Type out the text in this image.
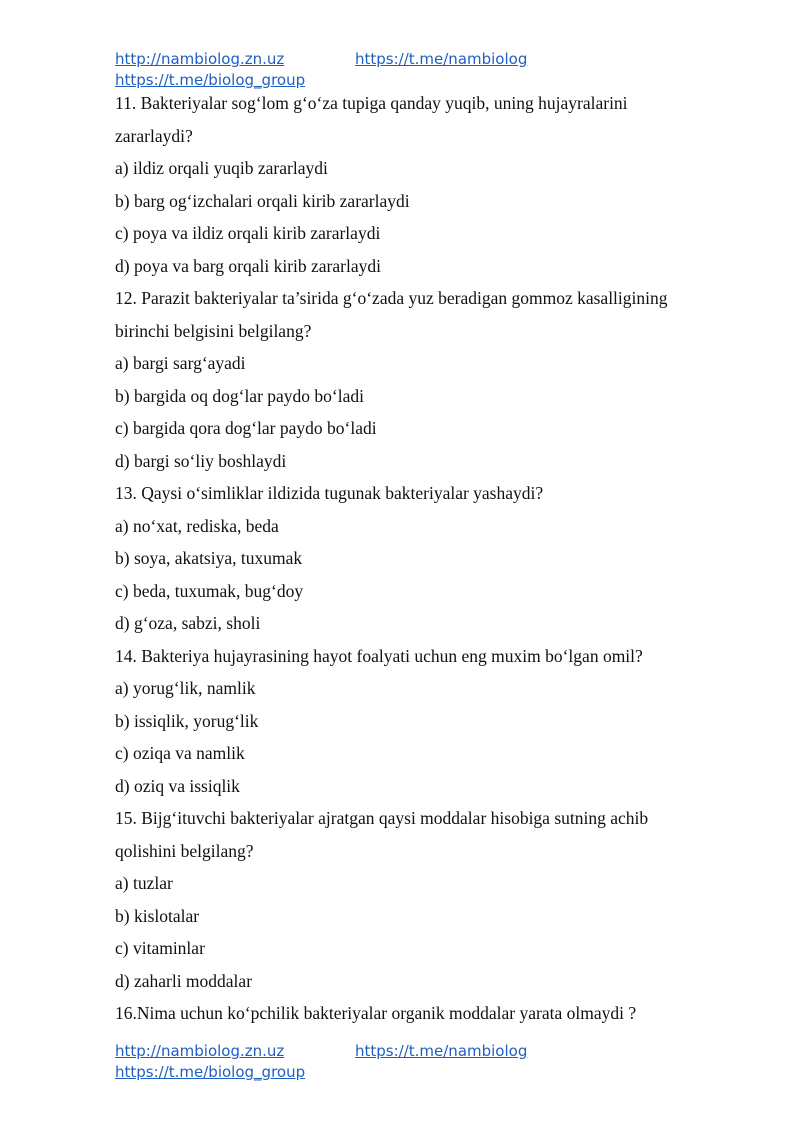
http://nambiolog.zn.uz	https://t.me/nambiolog
https://t.me/biolog_group
11. Bakteriyalar sog‘lom g‘o‘za tupiga qanday yuqib, uning hujayralarini
zararlaydi?
a) ildiz orqali yuqib zararlaydi
b) barg og‘izchalari orqali kirib zararlaydi
c) poya va ildiz orqali kirib zararlaydi
d) poya va barg orqali kirib zararlaydi
12. Parazit bakteriyalar ta’sirida g‘o‘zada yuz beradigan gommoz kasalligining
birinchi belgisini belgilang?
a) bargi sarg‘ayadi
b) bargida oq dog‘lar paydo bo‘ladi
c) bargida qora dog‘lar paydo bo‘ladi
d) bargi so‘liy boshlaydi
13. Qaysi o‘simliklar ildizida tugunak bakteriyalar yashaydi?
a) no‘xat, rediska, beda
b) soya, akatsiya, tuxumak
c) beda, tuxumak, bug‘doy
d) g‘oza, sabzi, sholi
14. Bakteriya hujayrasining hayot foalyati uchun eng muxim bo‘lgan omil?
a) yorug‘lik, namlik
b) issiqlik, yorug‘lik
c) oziqa va namlik
d) oziq va issiqlik
15. Bijg‘ituvchi bakteriyalar ajratgan qaysi moddalar hisobiga sutning achib
qolishini belgilang?
a) tuzlar
b) kislotalar
c) vitaminlar
d) zaharli moddalar
16.Nima uchun ko‘pchilik bakteriyalar organik moddalar yarata olmaydi ?
http://nambiolog.zn.uz	https://t.me/nambiolog
https://t.me/biolog_group
